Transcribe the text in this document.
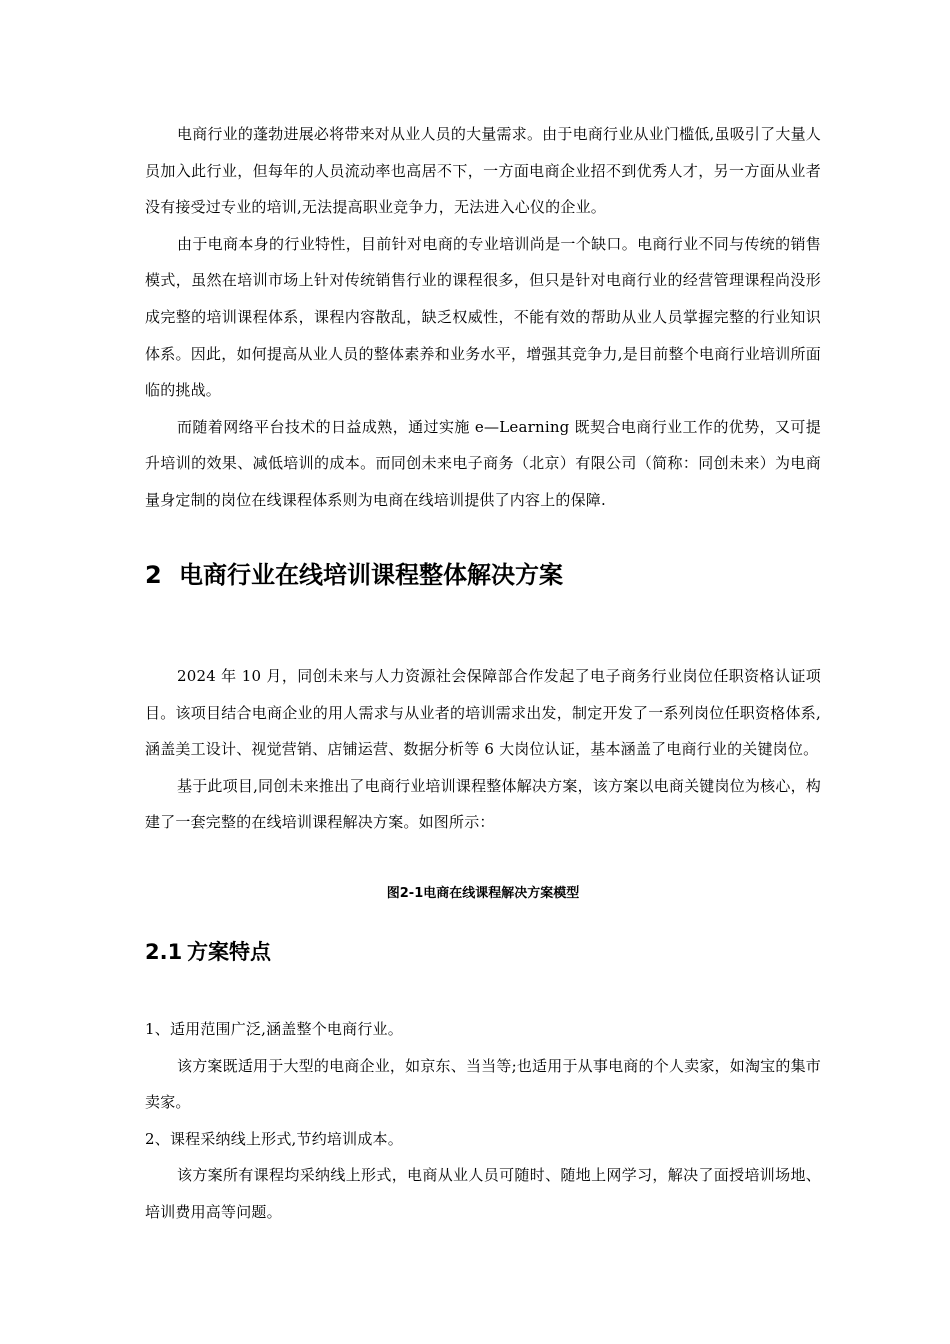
电商行业的蓬勃进展必将带来对从业人员的大量需求。由于电商行业从业门槛低,虽吸引了大量人员加入此行业，但每年的人员流动率也高居不下，一方面电商企业招不到优秀人才，另一方面从业者没有接受过专业的培训,无法提高职业竞争力，无法进入心仪的企业。

由于电商本身的行业特性，目前针对电商的专业培训尚是一个缺口。电商行业不同与传统的销售模式，虽然在培训市场上针对传统销售行业的课程很多，但只是针对电商行业的经营管理课程尚没形成完整的培训课程体系，课程内容散乱，缺乏权威性，不能有效的帮助从业人员掌握完整的行业知识体系。因此，如何提高从业人员的整体素养和业务水平，增强其竞争力,是目前整个电商行业培训所面临的挑战。

而随着网络平台技术的日益成熟，通过实施 e—Learning 既契合电商行业工作的优势，又可提升培训的效果、减低培训的成本。而同创未来电子商务（北京）有限公司（简称：同创未来）为电商量身定制的岗位在线课程体系则为电商在线培训提供了内容上的保障.

2 电商行业在线培训课程整体解决方案

2024 年 10 月，同创未来与人力资源社会保障部合作发起了电子商务行业岗位任职资格认证项目。该项目结合电商企业的用人需求与从业者的培训需求出发，制定开发了一系列岗位任职资格体系,涵盖美工设计、视觉营销、店铺运营、数据分析等 6 大岗位认证，基本涵盖了电商行业的关键岗位。

基于此项目,同创未来推出了电商行业培训课程整体解决方案，该方案以电商关键岗位为核心，构建了一套完整的在线培训课程解决方案。如图所示：

图2-1电商在线课程解决方案模型

2.1 方案特点

1、适用范围广泛,涵盖整个电商行业。

该方案既适用于大型的电商企业，如京东、当当等;也适用于从事电商的个人卖家，如淘宝的集市卖家。

2、课程采纳线上形式,节约培训成本。

该方案所有课程均采纳线上形式，电商从业人员可随时、随地上网学习，解决了面授培训场地、培训费用高等问题。
